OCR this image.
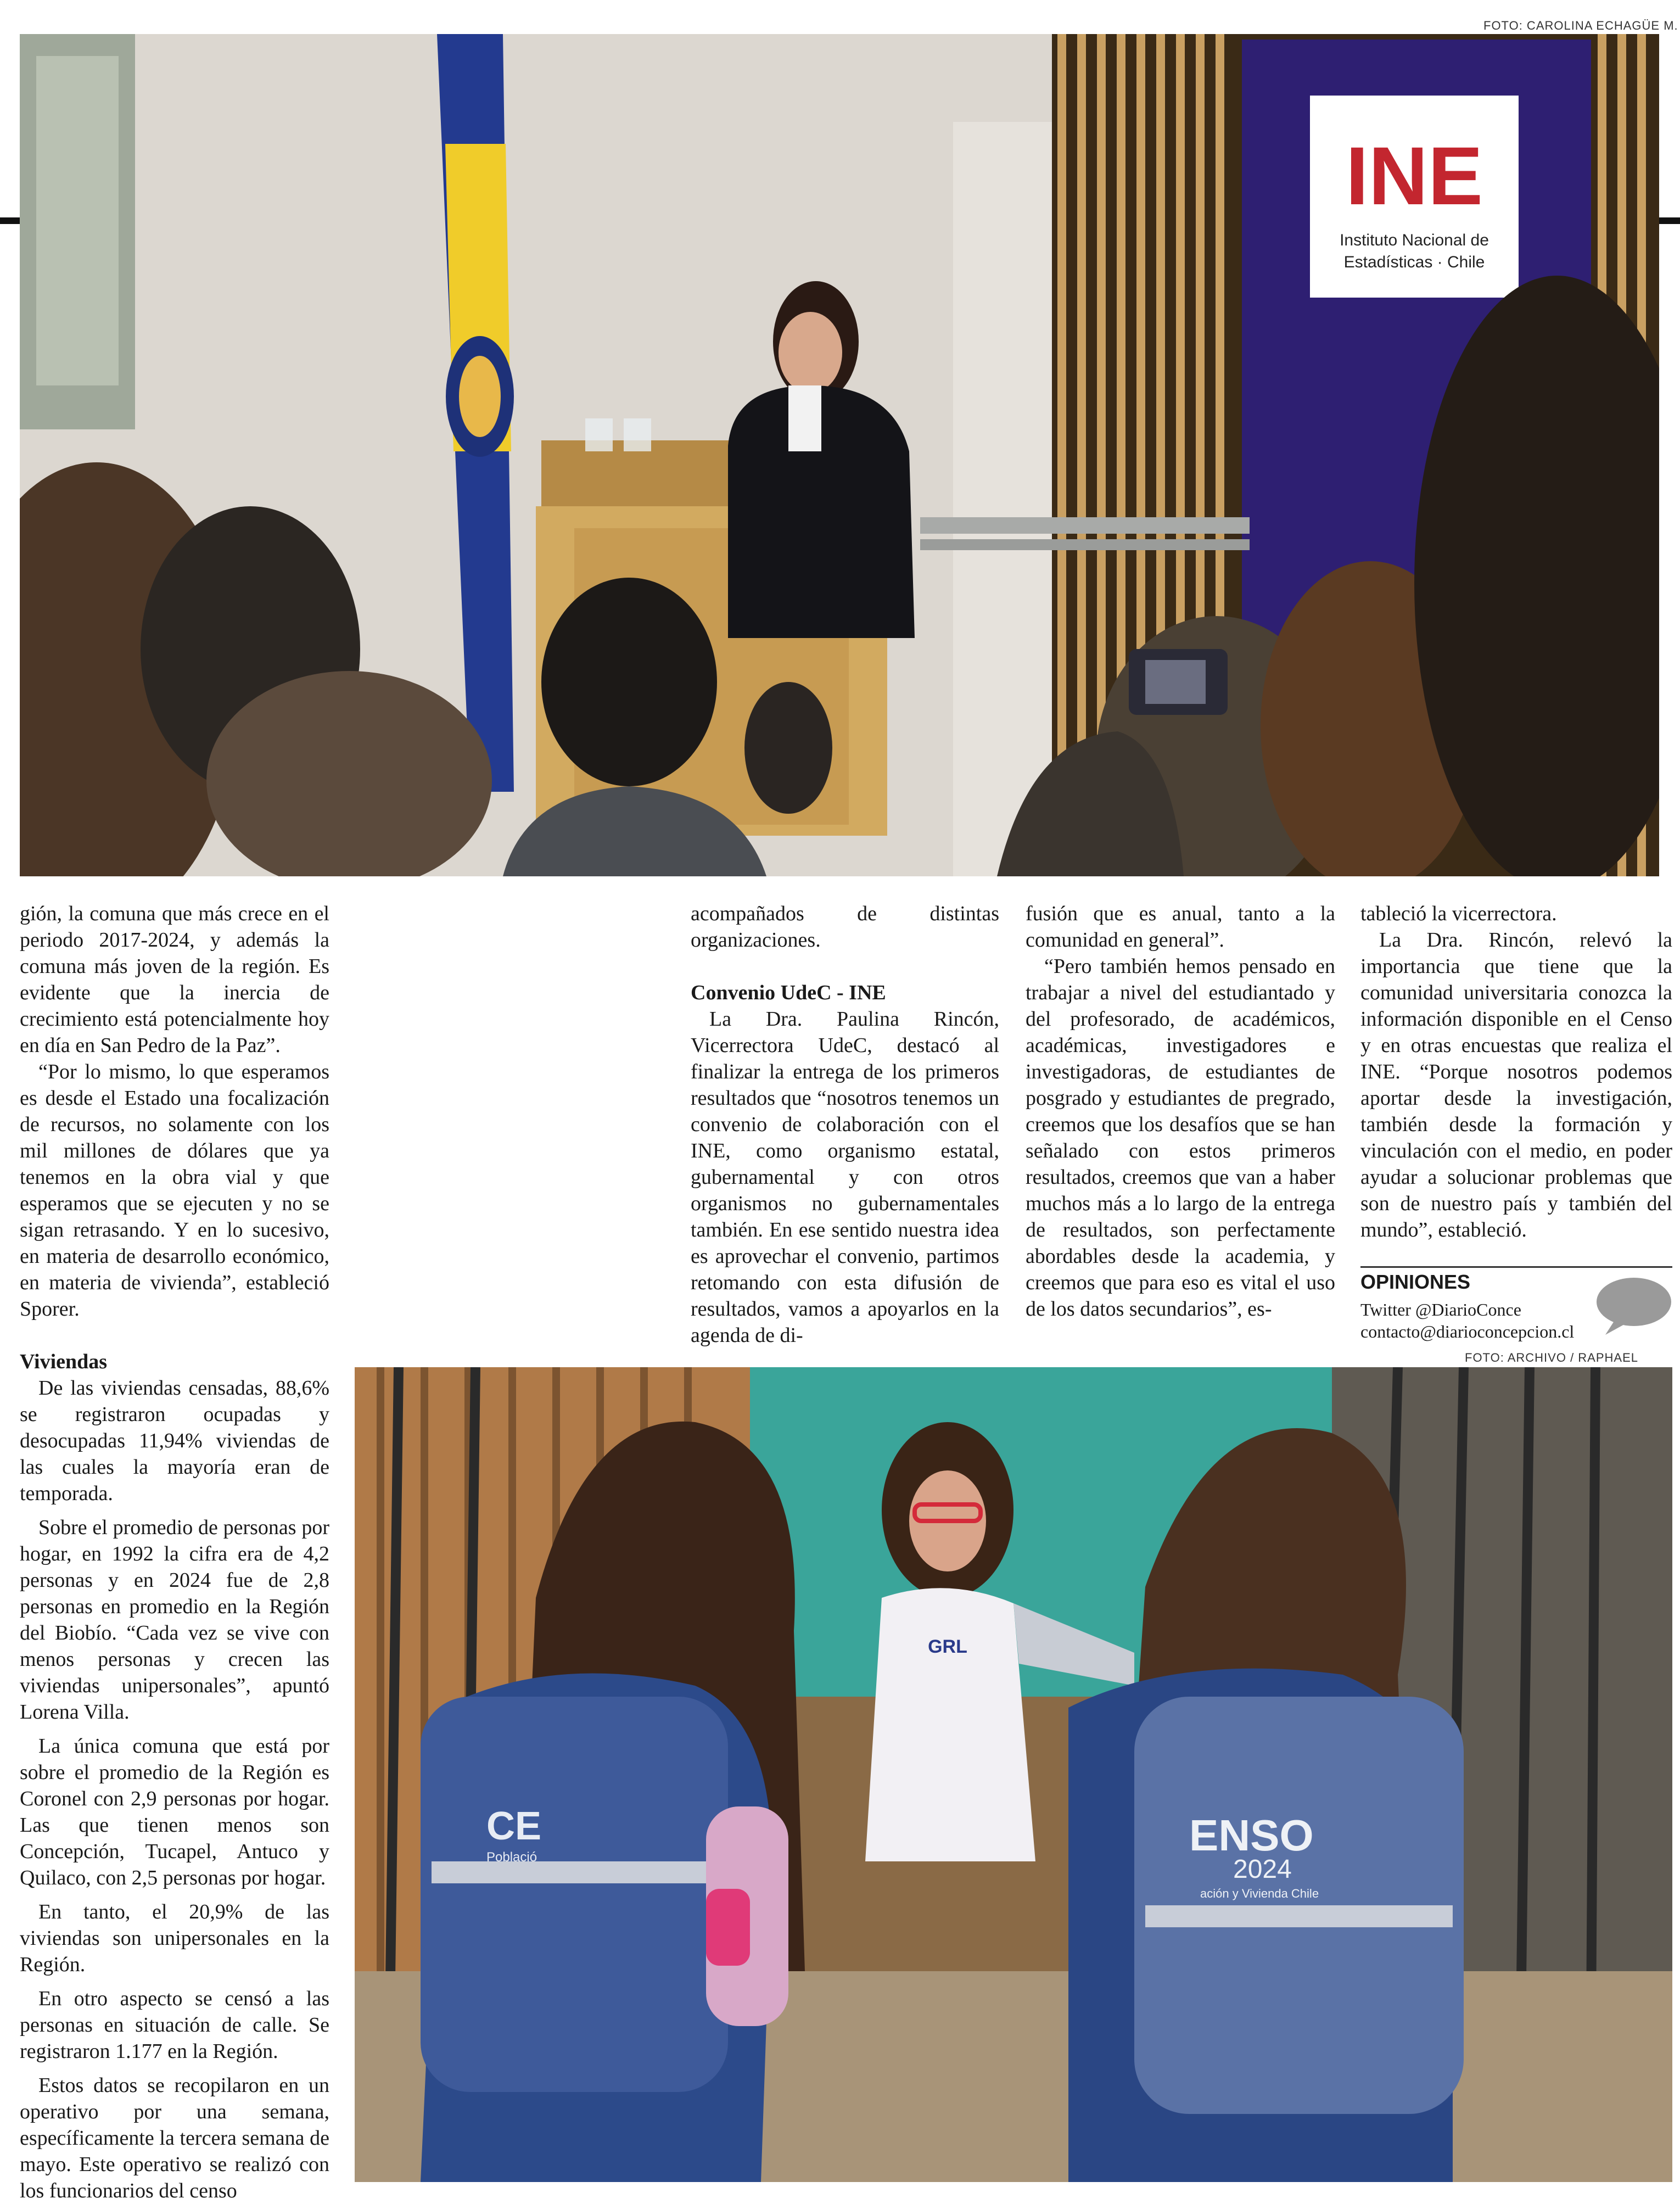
FOTO: CAROLINA ECHAGÜE M.
FOTO: ARCHIVO / RAPHAEL
INE
Instituto Nacional de
Estadísticas · Chile

gión, la comuna que más crece en el periodo 2017-2024, y además la comuna más joven de la región. Es evidente que la inercia de crecimiento está potencialmente hoy en día en San Pedro de la Paz”.

“Por lo mismo, lo que esperamos es desde el Estado una focalización de recursos, no solamente con los mil millones de dólares que ya tenemos en la obra vial y que esperamos que se ejecuten y no se sigan retrasando. Y en lo sucesivo, en materia de desarrollo económico, en materia de vivienda”, estableció Sporer.

Viviendas

De las viviendas censadas, 88,6% se registraron ocupadas y desocupadas 11,94% viviendas de las cuales la mayoría eran de temporada.

Sobre el promedio de personas por hogar, en 1992 la cifra era de 4,2 personas y en 2024 fue de 2,8 personas en promedio en la Región del Biobío. “Cada vez se vive con menos personas y crecen las viviendas unipersonales”, apuntó Lorena Villa.

La única comuna que está por sobre el promedio de la Región es Coronel con 2,9 personas por hogar. Las que tienen menos son Concepción, Tucapel, Antuco y Quilaco, con 2,5 personas por hogar.

En tanto, el 20,9% de las viviendas son unipersonales en la Región.

En otro aspecto se censó a las personas en situación de calle. Se registraron 1.177 en la Región.

Estos datos se recopilaron en un operativo por una semana, específicamente la tercera semana de mayo. Este operativo se realizó con los funcionarios del censo

acompañados de distintas organizaciones.

Convenio UdeC - INE

La Dra. Paulina Rincón, Vicerrectora UdeC, destacó al finalizar la entrega de los primeros resultados que “nosotros tenemos un convenio de colaboración con el INE, como organismo estatal, gubernamental y con otros organismos no gubernamentales también. En ese sentido nuestra idea es aprovechar el convenio, partimos retomando con esta difusión de resultados, vamos a apoyarlos en la agenda de di-

fusión que es anual, tanto a la comunidad en general”.

“Pero también hemos pensado en trabajar a nivel del estudiantado y del profesorado, de académicos, académicas, investigadores e investigadoras, de estudiantes de posgrado y estudiantes de pregrado, creemos que los desafíos que se han señalado con estos primeros resultados, creemos que van a haber muchos más a lo largo de la entrega de resultados, son perfectamente abordables desde la academia, y creemos que para eso es vital el uso de los datos secundarios”, es-

tableció la vicerrectora.

La Dra. Rincón, relevó la importancia que tiene que la comunidad universitaria conozca la información disponible en el Censo y en otras encuestas que realiza el INE. “Porque nosotros podemos aportar desde la investigación, también desde la formación y vinculación con el medio, en poder ayudar a solucionar problemas que son de nuestro país y también del mundo”, estableció.

OPINIONES
Twitter @DiarioConce
contacto@diarioconcepcion.cl
GRL
CE
Població	ENSO
2024
ación y Vivienda Chile
